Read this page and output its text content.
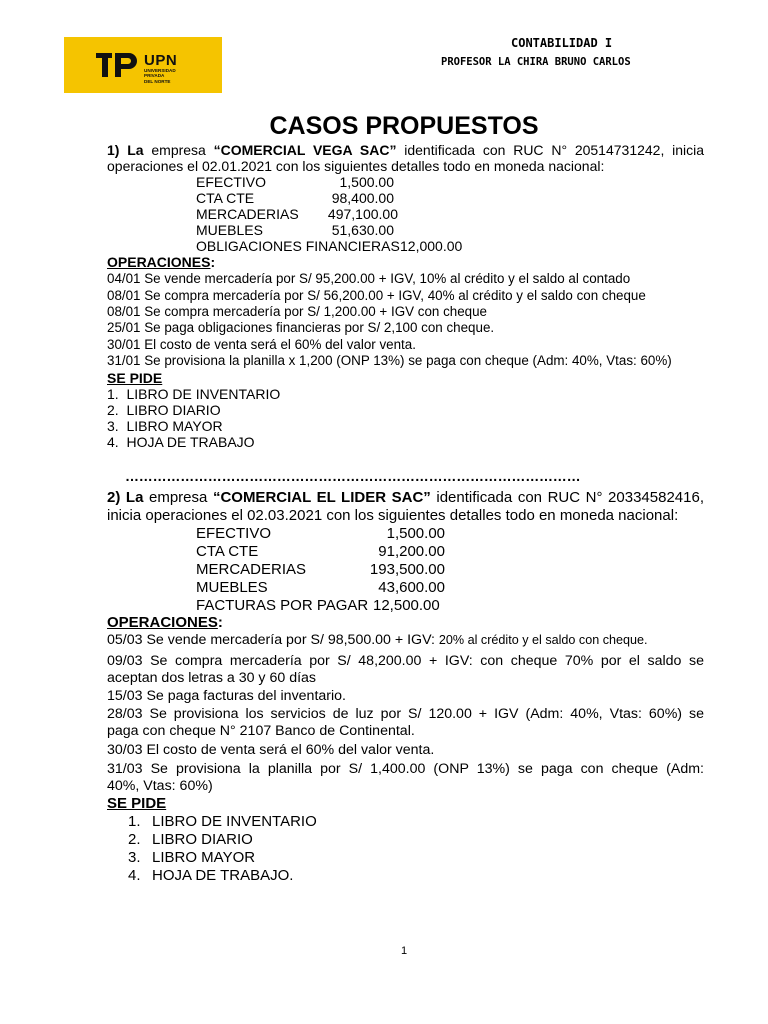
UPN
UNIVERSIDAD
PRIVADA
DEL NORTE
CONTABILIDAD I
PROFESOR LA CHIRA BRUNO CARLOS
CASOS PROPUESTOS
1) La empresa “COMERCIAL VEGA SAC” identificada con RUC N° 20514731242, inicia
operaciones el 02.01.2021 con los siguientes detalles todo en moneda nacional:
EFECTIVO	1,500.00
CTA CTE	98,400.00
MERCADERIAS	497,100.00
MUEBLES	51,630.00
OBLIGACIONES FINANCIERAS 12,000.00
OPERACIONES:
04/01 Se vende mercadería por S/ 95,200.00 + IGV, 10% al crédito y el saldo al contado
08/01 Se compra mercadería por S/ 56,200.00 + IGV, 40% al crédito y el saldo con cheque
08/01 Se compra mercadería por S/ 1,200.00 + IGV con cheque
25/01 Se paga obligaciones financieras por S/ 2,100 con cheque.
30/01 El costo de venta será el 60% del valor venta.
31/01 Se provisiona la planilla x 1,200 (ONP 13%) se paga con cheque (Adm: 40%, Vtas: 60%)
SE PIDE
1.  LIBRO DE INVENTARIO
2.  LIBRO DIARIO
3.  LIBRO MAYOR
4.  HOJA DE TRABAJO
………………………………………………………………………………………
2) La empresa “COMERCIAL EL LIDER SAC” identificada con RUC N° 20334582416,
inicia operaciones el 02.03.2021 con los siguientes detalles todo en moneda nacional:
EFECTIVO	1,500.00
CTA CTE	91,200.00
MERCADERIAS	193,500.00
MUEBLES	43,600.00
FACTURAS POR PAGAR 12,500.00
OPERACIONES:
05/03 Se vende mercadería por S/ 98,500.00 + IGV: 20% al crédito y el saldo con cheque.
09/03 Se compra mercadería por S/ 48,200.00 + IGV: con cheque 70% por el saldo se
aceptan dos letras a 30 y 60 días
15/03 Se paga facturas del inventario.
28/03 Se provisiona los servicios de luz por S/ 120.00 + IGV (Adm: 40%, Vtas: 60%) se
paga con cheque N° 2107 Banco de Continental.
30/03 El costo de venta será el 60% del valor venta.
31/03 Se provisiona la planilla por S/ 1,400.00 (ONP 13%) se paga con cheque (Adm:
40%, Vtas: 60%)
SE PIDE
1. LIBRO DE INVENTARIO
2. LIBRO DIARIO
3. LIBRO MAYOR
4. HOJA DE TRABAJO.
1
